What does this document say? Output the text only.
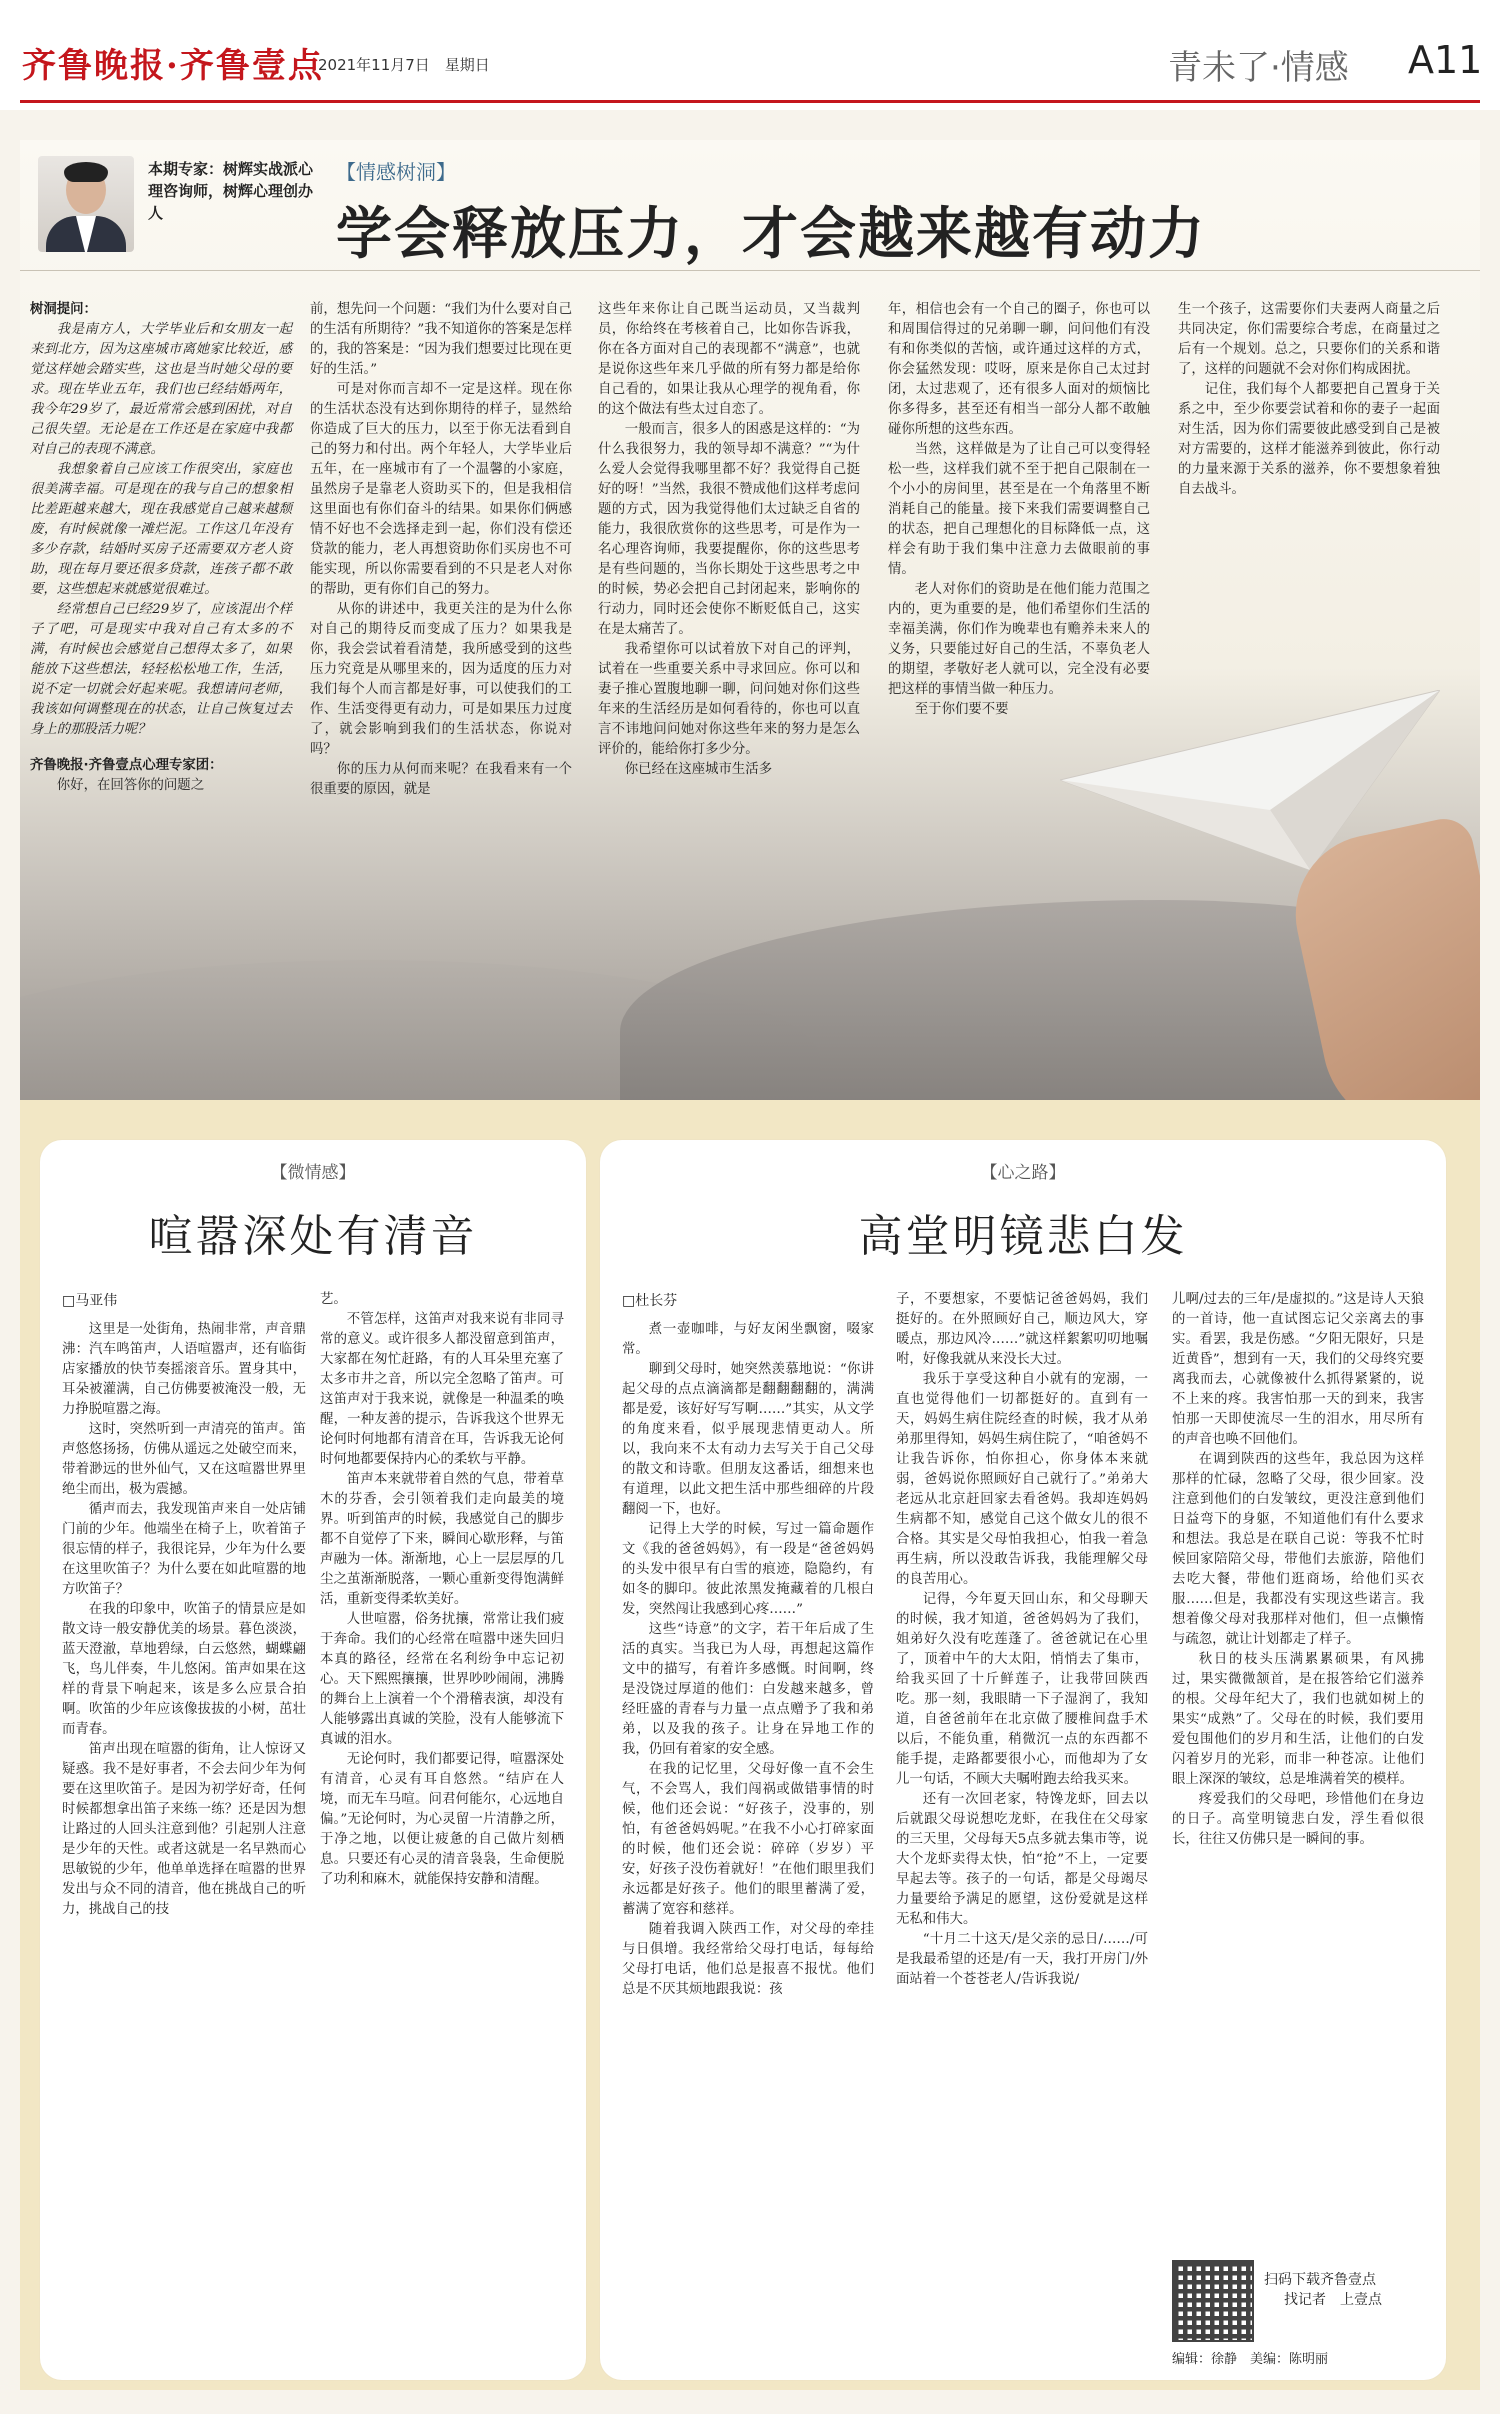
齐鲁晚报·齐鲁壹点
2021年11月7日　星期日	青未了·情感 A11
本期专家：树辉实战派心理咨询师，树辉心理创办人
【情感树洞】
学会释放压力，才会越来越有动力

树洞提问：

我是南方人，大学毕业后和女朋友一起来到北方，因为这座城市离她家比较近，感觉这样她会踏实些，这也是当时她父母的要求。现在毕业五年，我们也已经结婚两年，我今年29岁了，最近常常会感到困扰，对自己很失望。无论是在工作还是在家庭中我都对自己的表现不满意。

我想象着自己应该工作很突出，家庭也很美满幸福。可是现在的我与自己的想象相比差距越来越大，现在我感觉自己越来越颓废，有时候就像一滩烂泥。工作这几年没有多少存款，结婚时买房子还需要双方老人资助，现在每月要还很多贷款，连孩子都不敢要，这些想起来就感觉很难过。

经常想自己已经29岁了，应该混出个样子了吧，可是现实中我对自己有太多的不满，有时候也会感觉自己想得太多了，如果能放下这些想法，轻轻松松地工作，生活，说不定一切就会好起来呢。我想请问老师，我该如何调整现在的状态，让自己恢复过去身上的那股活力呢？

齐鲁晚报·齐鲁壹点心理专家团：

你好，在回答你的问题之

前，想先问一个问题：“我们为什么要对自己的生活有所期待？”我不知道你的答案是怎样的，我的答案是：“因为我们想要过比现在更好的生活。”

可是对你而言却不一定是这样。现在你的生活状态没有达到你期待的样子，显然给你造成了巨大的压力，以至于你无法看到自己的努力和付出。两个年轻人，大学毕业后五年，在一座城市有了一个温馨的小家庭，虽然房子是靠老人资助买下的，但是我相信这里面也有你们奋斗的结果。如果你们俩感情不好也不会选择走到一起，你们没有偿还贷款的能力，老人再想资助你们买房也不可能实现，所以你需要看到的不只是老人对你的帮助，更有你们自己的努力。

从你的讲述中，我更关注的是为什么你对自己的期待反而变成了压力？如果我是你，我会尝试着看清楚，我所感受到的这些压力究竟是从哪里来的，因为适度的压力对我们每个人而言都是好事，可以使我们的工作、生活变得更有动力，可是如果压力过度了，就会影响到我们的生活状态，你说对吗？

你的压力从何而来呢？在我看来有一个很重要的原因，就是

这些年来你让自己既当运动员，又当裁判员，你给终在考核着自己，比如你告诉我，你在各方面对自己的表现都不“满意”，也就是说你这些年来几乎做的所有努力都是给你自己看的，如果让我从心理学的视角看，你的这个做法有些太过自恋了。

一般而言，很多人的困惑是这样的：“为什么我很努力，我的领导却不满意？”“为什么爱人会觉得我哪里都不好？我觉得自己挺好的呀！”当然，我很不赞成他们这样考虑问题的方式，因为我觉得他们太过缺乏自省的能力，我很欣赏你的这些思考，可是作为一名心理咨询师，我要提醒你，你的这些思考是有些问题的，当你长期处于这些思考之中的时候，势必会把自己封闭起来，影响你的行动力，同时还会使你不断贬低自己，这实在是太痛苦了。

我希望你可以试着放下对自己的评判，试着在一些重要关系中寻求回应。你可以和妻子推心置腹地聊一聊，问问她对你们这些年来的生活经历是如何看待的，你也可以直言不讳地问问她对你这些年来的努力是怎么评价的，能给你打多少分。

你已经在这座城市生活多

年，相信也会有一个自己的圈子，你也可以和周围信得过的兄弟聊一聊，问问他们有没有和你类似的苦恼，或许通过这样的方式，你会猛然发现：哎呀，原来是你自己太过封闭，太过悲观了，还有很多人面对的烦恼比你多得多，甚至还有相当一部分人都不敢触碰你所想的这些东西。

当然，这样做是为了让自己可以变得轻松一些，这样我们就不至于把自己限制在一个小小的房间里，甚至是在一个角落里不断消耗自己的能量。接下来我们需要调整自己的状态，把自己理想化的目标降低一点，这样会有助于我们集中注意力去做眼前的事情。

老人对你们的资助是在他们能力范围之内的，更为重要的是，他们希望你们生活的幸福美满，你们作为晚辈也有赡养未来人的义务，只要能过好自己的生活，不辜负老人的期望，孝敬好老人就可以，完全没有必要把这样的事情当做一种压力。

至于你们要不要

生一个孩子，这需要你们夫妻两人商量之后共同决定，你们需要综合考虑，在商量过之后有一个规划。总之，只要你们的关系和谐了，这样的问题就不会对你们构成困扰。

记住，我们每个人都要把自己置身于关系之中，至少你要尝试着和你的妻子一起面对生活，因为你们需要彼此感受到自己是被对方需要的，这样才能滋养到彼此，你行动的力量来源于关系的滋养，你不要想象着独自去战斗。

【微情感】
喧嚣深处有清音
□马亚伟

这里是一处街角，热闹非常，声音鼎沸：汽车鸣笛声，人语喧嚣声，还有临街店家播放的快节奏摇滚音乐。置身其中，耳朵被灌满，自己仿佛要被淹没一般，无力挣脱喧嚣之海。

这时，突然听到一声清亮的笛声。笛声悠悠扬扬，仿佛从遥远之处破空而来，带着渺远的世外仙气，又在这喧嚣世界里绝尘而出，极为震撼。

循声而去，我发现笛声来自一处店铺门前的少年。他端坐在椅子上，吹着笛子很忘情的样子，我很诧异，少年为什么要在这里吹笛子？为什么要在如此喧嚣的地方吹笛子？

在我的印象中，吹笛子的情景应是如散文诗一般安静优美的场景。暮色淡淡，蓝天澄澈，草地碧绿，白云悠然，蝴蝶翩飞，鸟儿伴奏，牛儿悠闲。笛声如果在这样的背景下响起来，该是多么应景合拍啊。吹笛的少年应该像拔拔的小树，茁壮而青春。

笛声出现在喧嚣的街角，让人惊讶又疑惑。我不是好事者，不会去问少年为何要在这里吹笛子。是因为初学好奇，任何时候都想拿出笛子来练一练？还是因为想让路过的人回头注意到他？引起别人注意是少年的天性。或者这就是一名早熟而心思敏锐的少年，他单单选择在喧嚣的世界发出与众不同的清音，他在挑战自己的听力，挑战自己的技

艺。

不管怎样，这笛声对我来说有非同寻常的意义。或许很多人都没留意到笛声，大家都在匆忙赶路，有的人耳朵里充塞了太多市井之音，所以完全忽略了笛声。可这笛声对于我来说，就像是一种温柔的唤醒，一种友善的提示，告诉我这个世界无论何时何地都有清音在耳，告诉我无论何时何地都要保持内心的柔软与平静。

笛声本来就带着自然的气息，带着草木的芬香，会引领着我们走向最美的境界。听到笛声的时候，我感觉自己的脚步都不自觉停了下来，瞬间心歇形释，与笛声融为一体。渐渐地，心上一层层厚的几尘之茧渐渐脱落，一颗心重新变得饱满鲜活，重新变得柔软美好。

人世喧嚣，俗务扰攘，常常让我们疲于奔命。我们的心经常在喧嚣中迷失回归本真的路径，经常在名利纷争中忘记初心。天下熙熙攘攘，世界吵吵闹闹，沸腾的舞台上上演着一个个滑稽表演，却没有人能够露出真诚的笑脸，没有人能够流下真诚的泪水。

无论何时，我们都要记得，喧嚣深处有清音，心灵有耳自悠然。“结庐在人境，而无车马喧。问君何能尔，心远地自偏。”无论何时，为心灵留一片清静之所，于净之地，以便让疲惫的自己做片刻栖息。只要还有心灵的清音袅袅，生命便脱了功利和麻木，就能保持安静和清醒。

【心之路】
高堂明镜悲白发
□杜长芬

煮一壶咖啡，与好友闲坐飘窗，啜家常。

聊到父母时，她突然羡慕地说：“你讲起父母的点点滴滴都是翻翻翻翻的，满满都是爱，该好好写写啊……”其实，从文学的角度来看，似乎展现悲情更动人。所以，我向来不太有动力去写关于自己父母的散文和诗歌。但朋友这番话，细想来也有道理，以此文把生活中那些细碎的片段翻阅一下，也好。

记得上大学的时候，写过一篇命题作文《我的爸爸妈妈》，有一段是“爸爸妈妈的头发中很早有白雪的痕迹，隐隐约，有如冬的脚印。彼此浓黑发掩藏着的几根白发，突然闯让我感到心疼……”

这些“诗意”的文字，若干年后成了生活的真实。当我已为人母，再想起这篇作文中的描写，有着许多感慨。时间啊，终是没饶过厚道的他们：白发越来越多，曾经旺盛的青春与力量一点点赠予了我和弟弟，以及我的孩子。让身在异地工作的我，仍回有着家的安全感。

在我的记忆里，父母好像一直不会生气，不会骂人，我们闯祸或做错事情的时候，他们还会说：“好孩子，没事的，别怕，有爸爸妈妈呢。”在我不小心打碎家面的时候，他们还会说：碎碎（岁岁）平安，好孩子没伤着就好！”在他们眼里我们永远都是好孩子。他们的眼里蓄满了爱，蓄满了宽容和慈祥。

随着我调入陕西工作，对父母的牵挂与日俱增。我经常给父母打电话，每每给父母打电话，他们总是报喜不报忧。他们总是不厌其烦地跟我说：孩

子，不要想家，不要惦记爸爸妈妈，我们挺好的。在外照顾好自己，顺边风大，穿暖点，那边风冷……”就这样絮絮叨叨地嘱咐，好像我就从来没长大过。

我乐于享受这种自小就有的宠溺，一直也觉得他们一切都挺好的。直到有一天，妈妈生病住院经查的时候，我才从弟弟那里得知，妈妈生病住院了，“咱爸妈不让我告诉你，怕你担心，你身体本来就弱，爸妈说你照顾好自己就行了。”弟弟大老远从北京赶回家去看爸妈。我却连妈妈生病都不知，感觉自己这个做女儿的很不合格。其实是父母怕我担心，怕我一着急再生病，所以没敢告诉我，我能理解父母的良苦用心。

记得，今年夏天回山东，和父母聊天的时候，我才知道，爸爸妈妈为了我们，姐弟好久没有吃莲蓬了。爸爸就记在心里了，顶着中午的大太阳，悄悄去了集市，给我买回了十斤鲜莲子，让我带回陕西吃。那一刻，我眼睛一下子湿润了，我知道，自爸爸前年在北京做了腰椎间盘手术以后，不能负重，稍微沉一点的东西都不能手提，走路都要很小心，而他却为了女儿一句话，不顾大夫嘱咐跑去给我买来。

还有一次回老家，特馋龙虾，回去以后就跟父母说想吃龙虾，在我住在父母家的三天里，父母每天5点多就去集市等，说大个龙虾卖得太快，怕“抢”不上，一定要早起去等。孩子的一句话，都是父母竭尽力量要给予满足的愿望，这份爱就是这样无私和伟大。

“十月二十这天/是父亲的忌日/……/可是我最希望的还是/有一天，我打开房门/外面站着一个苍苍老人/告诉我说/

儿啊/过去的三年/是虚拟的。”这是诗人天狼的一首诗，他一直试图忘记父亲离去的事实。看罢，我是伤感。“夕阳无限好，只是近黄昏”，想到有一天，我们的父母终究要离我而去，心就像被什么抓得紧紧的，说不上来的疼。我害怕那一天的到来，我害怕那一天即使流尽一生的泪水，用尽所有的声音也唤不回他们。

在调到陕西的这些年，我总因为这样那样的忙碌，忽略了父母，很少回家。没注意到他们的白发皱纹，更没注意到他们日益弯下的身躯，不知道他们有什么要求和想法。我总是在联自己说：等我不忙时候回家陪陪父母，带他们去旅游，陪他们去吃大餐，带他们逛商场，给他们买衣服……但是，我都没有实现这些诺言。我想着像父母对我那样对他们，但一点懒惰与疏忽，就让计划都走了样子。

秋日的枝头压满累累硕果，有风拂过，果实微微颔首，是在报答给它们滋养的根。父母年纪大了，我们也就如树上的果实“成熟”了。父母在的时候，我们要用爱包围他们的岁月和生活，让他们的白发闪着岁月的光彩，而非一种苍凉。让他们眼上深深的皱纹，总是堆满着笑的模样。

疼爱我们的父母吧，珍惜他们在身边的日子。高堂明镜悲白发，浮生看似很长，往往又仿佛只是一瞬间的事。

扫码下载齐鲁壹点
找记者　上壹点
编辑：徐静　美编：陈明丽
